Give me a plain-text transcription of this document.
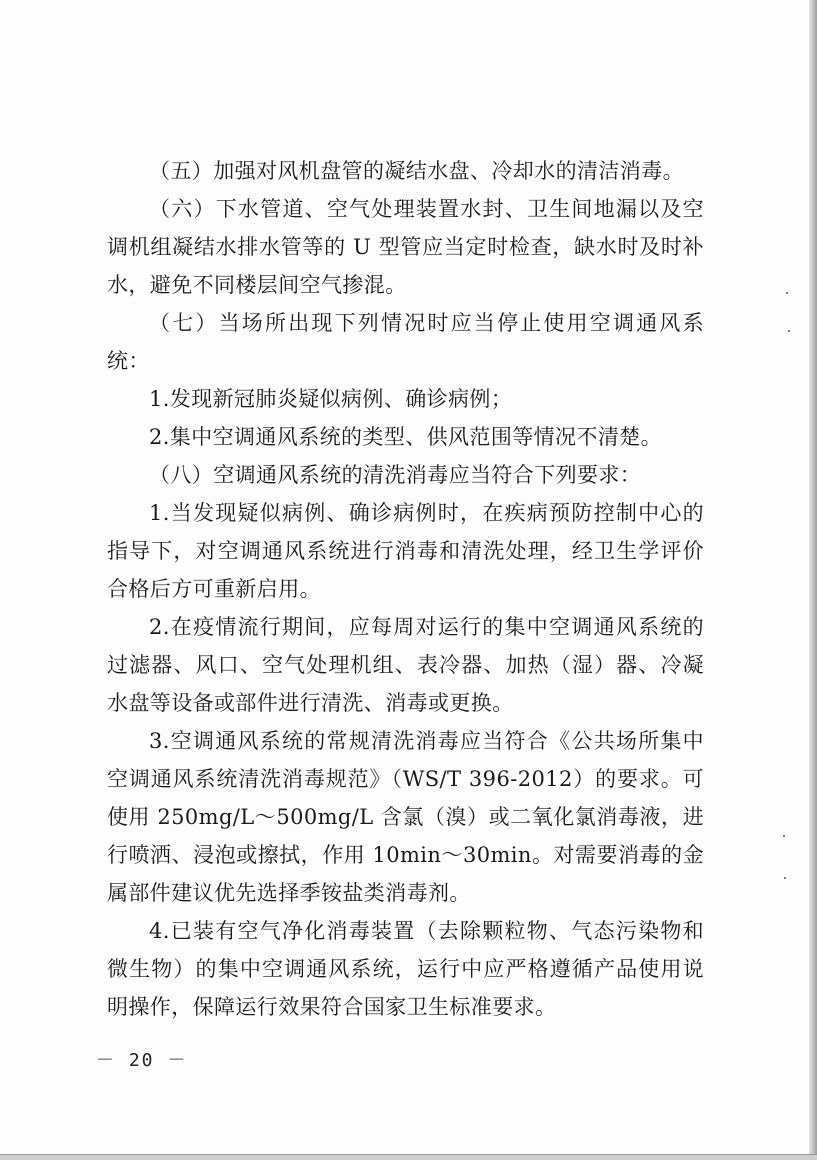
（五）加强对风机盘管的凝结水盘、冷却水的清洁消毒。

（六）下水管道、空气处理装置水封、卫生间地漏以及空调机组凝结水排水管等的 U 型管应当定时检查，缺水时及时补水，避免不同楼层间空气掺混。

（七）当场所出现下列情况时应当停止使用空调通风系统：

1.发现新冠肺炎疑似病例、确诊病例；

2.集中空调通风系统的类型、供风范围等情况不清楚。

（八）空调通风系统的清洗消毒应当符合下列要求：

1.当发现疑似病例、确诊病例时，在疾病预防控制中心的指导下，对空调通风系统进行消毒和清洗处理，经卫生学评价合格后方可重新启用。

2.在疫情流行期间，应每周对运行的集中空调通风系统的过滤器、风口、空气处理机组、表冷器、加热（湿）器、冷凝水盘等设备或部件进行清洗、消毒或更换。

3.空调通风系统的常规清洗消毒应当符合《公共场所集中空调通风系统清洗消毒规范》（WS/T 396-2012）的要求。可使用 250mg/L～500mg/L 含氯（溴）或二氧化氯消毒液，进行喷洒、浸泡或擦拭，作用 10min～30min。对需要消毒的金属部件建议优先选择季铵盐类消毒剂。

4.已装有空气净化消毒装置（去除颗粒物、气态污染物和微生物）的集中空调通风系统，运行中应严格遵循产品使用说明操作，保障运行效果符合国家卫生标准要求。

－ 20 －
